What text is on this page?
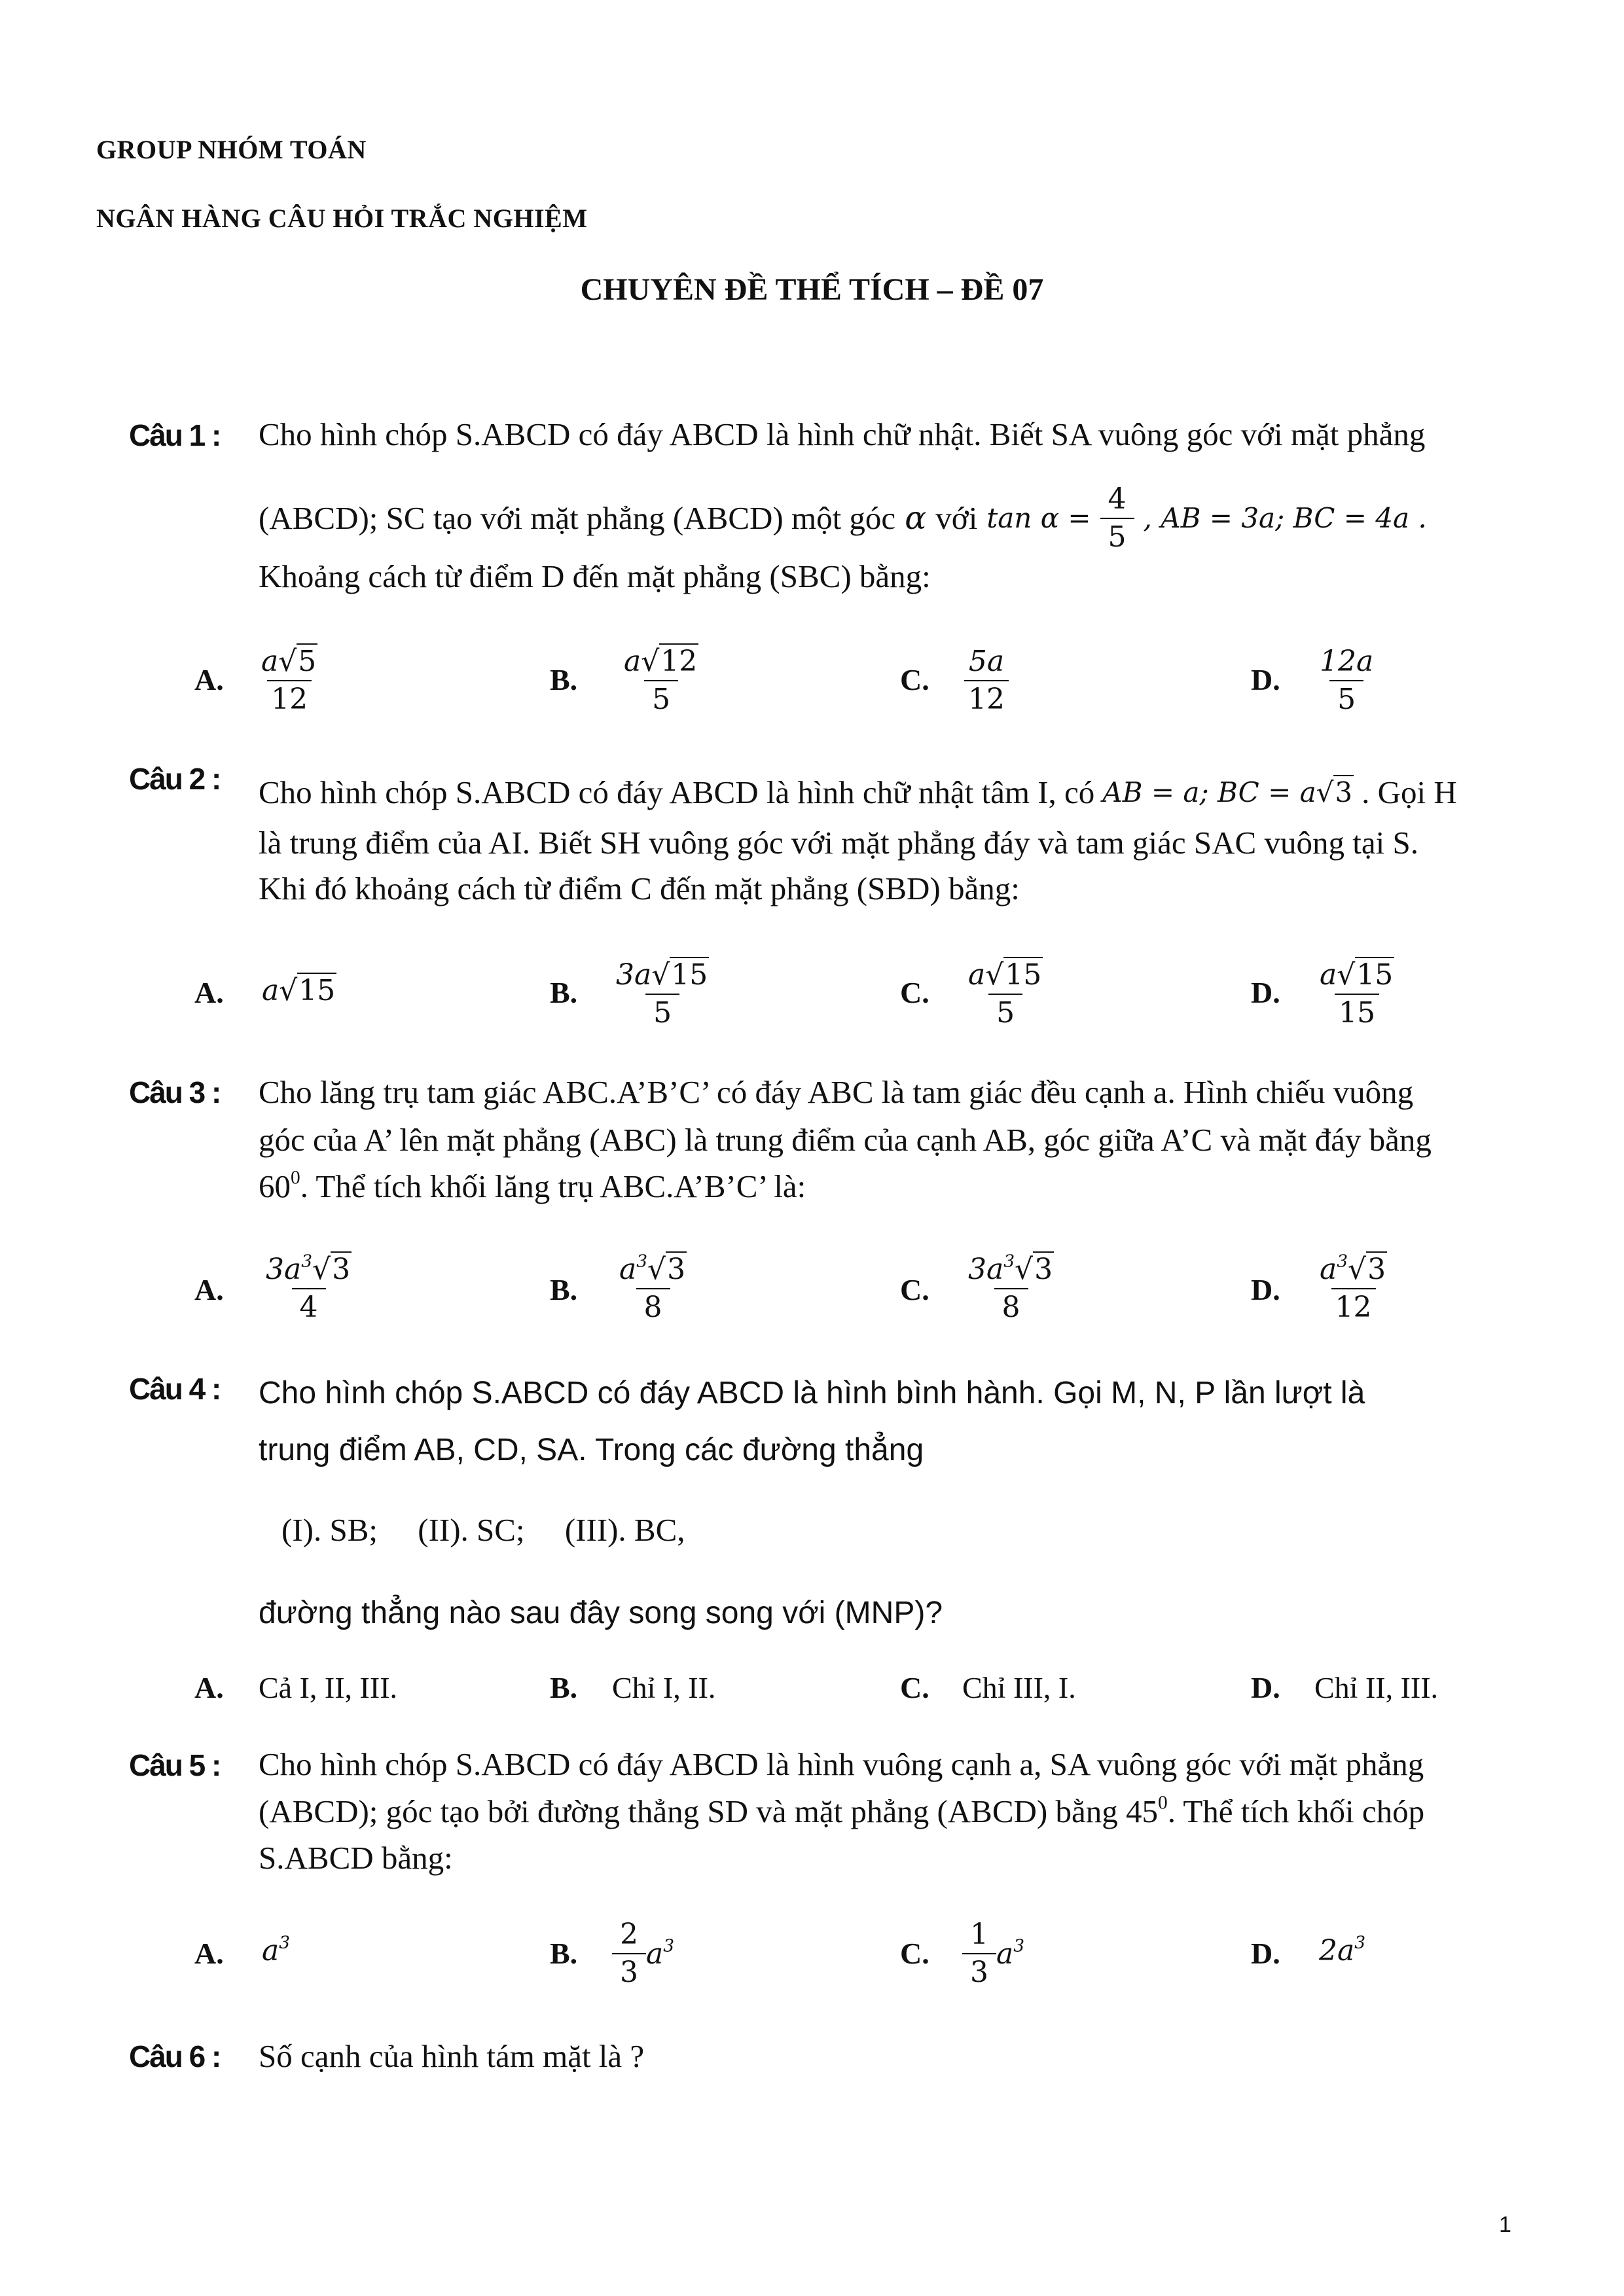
GROUP NHÓM TOÁN
NGÂN HÀNG CÂU HỎI TRẮC NGHIỆM
CHUYÊN ĐỀ THỂ TÍCH – ĐỀ 07
Câu 1 : Cho hình chóp S.ABCD có đáy ABCD là hình chữ nhật. Biết SA vuông góc với mặt phẳng
(ABCD); SC tạo với mặt phẳng (ABCD) một góc α với $\tan \alpha = \frac{4}{5}$ , AB = 3a; BC = 4a .
Khoảng cách từ điểm D đến mặt phẳng (SBC) bằng:
A. $\frac{a√5}{12}$	B. $\frac{a√12}{5}$	C. $\frac{5a}{12}$	D. $\frac{12a}{5}$
Câu 2 : Cho hình chóp S.ABCD có đáy ABCD là hình chữ nhật tâm I, có AB = a; BC = a√3 . Gọi H
là trung điểm của AI. Biết SH vuông góc với mặt phẳng đáy và tam giác SAC vuông tại S.
Khi đó khoảng cách từ điểm C đến mặt phẳng (SBD) bằng:
A. a√15	B. $\frac{3a√15}{5}$	C. $\frac{a√15}{5}$	D. $\frac{a√15}{15}$
Câu 3 : Cho lăng trụ tam giác ABC.A’B’C’ có đáy ABC là tam giác đều cạnh a. Hình chiếu vuông
góc của A’ lên mặt phẳng (ABC) là trung điểm của cạnh AB, góc giữa A’C và mặt đáy bằng
$60^0$. Thể tích khối lăng trụ ABC.A’B’C’ là:
A. $\frac{3a^3√3}{4}$	B. $\frac{a^3√3}{8}$	C. $\frac{3a^3√3}{8}$	D. $\frac{a^3√3}{12}$
Câu 4 : Cho hình chóp S.ABCD có đáy ABCD là hình bình hành. Gọi M, N, P lần lượt là
trung điểm AB, CD, SA. Trong các đường thẳng
(I). SB;     (II). SC;     (III). BC,
đường thẳng nào sau đây song song với (MNP)?
A. Cả I, II, III.	B. Chỉ I, II.	C. Chỉ III, I.	D. Chỉ II, III.
Câu 5 : Cho hình chóp S.ABCD có đáy ABCD là hình vuông cạnh a, SA vuông góc với mặt phẳng
(ABCD); góc tạo bởi đường thẳng SD và mặt phẳng (ABCD) bằng $45^0$. Thể tích khối chóp
S.ABCD bằng:
A. $a^3$	B. $\frac{2}{3} a^3$	C. $\frac{1}{3} a^3$	D. $2a^3$
Câu 6 : Số cạnh của hình tám mặt là ?
1
